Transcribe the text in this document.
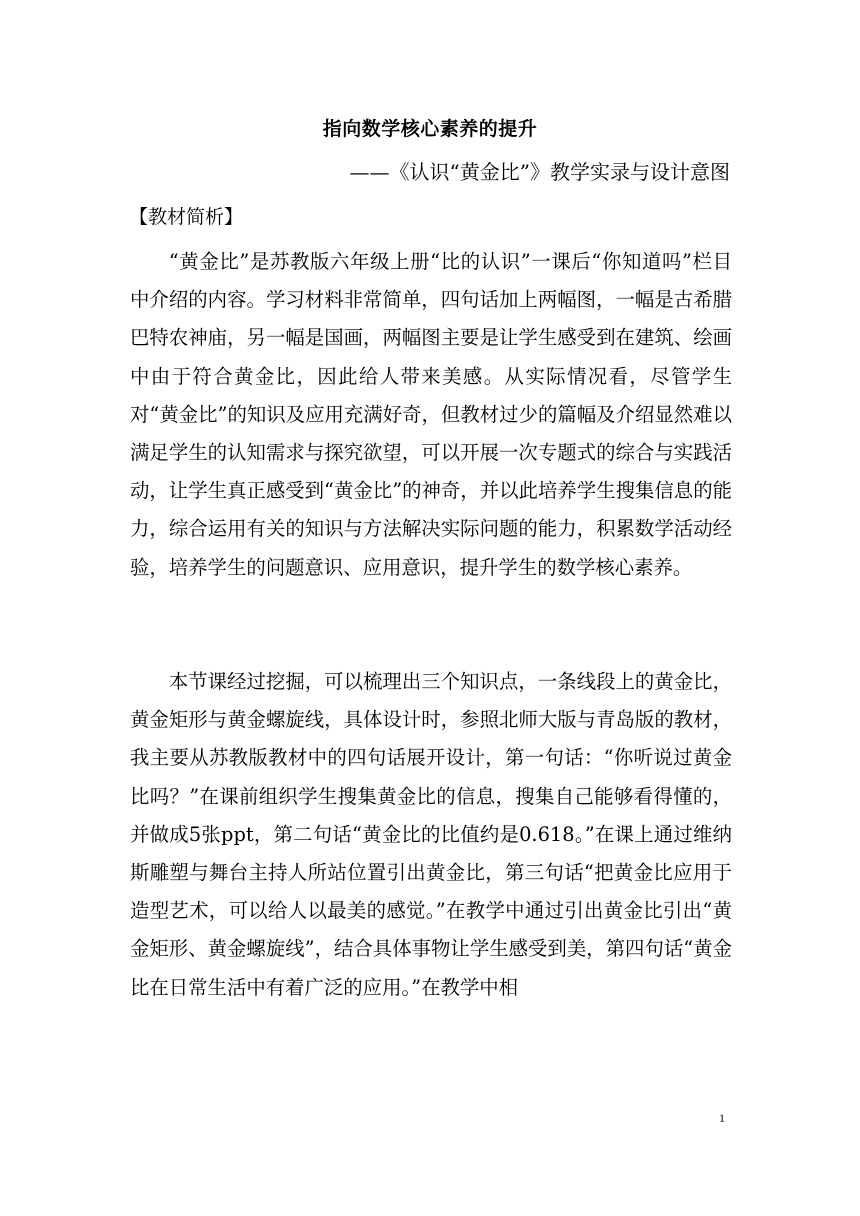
指向数学核心素养的提升
——《认识“黄金比”》教学实录与设计意图
【教材简析】

“黄金比”是苏教版六年级上册“比的认识”一课后“你知道吗”栏目中介绍的内容。学习材料非常简单，四句话加上两幅图，一幅是古希腊巴特农神庙，另一幅是国画，两幅图主要是让学生感受到在建筑、绘画中由于符合黄金比，因此给人带来美感。从实际情况看，尽管学生对“黄金比”的知识及应用充满好奇，但教材过少的篇幅及介绍显然难以满足学生的认知需求与探究欲望，可以开展一次专题式的综合与实践活动，让学生真正感受到“黄金比”的神奇，并以此培养学生搜集信息的能力，综合运用有关的知识与方法解决实际问题的能力，积累数学活动经验，培养学生的问题意识、应用意识，提升学生的数学核心素养。

本节课经过挖掘，可以梳理出三个知识点，一条线段上的黄金比，黄金矩形与黄金螺旋线，具体设计时，参照北师大版与青岛版的教材，我主要从苏教版教材中的四句话展开设计，第一句话：“你听说过黄金比吗？”在课前组织学生搜集黄金比的信息，搜集自己能够看得懂的，并做成5张ppt，第二句话“黄金比的比值约是0.618。”在课上通过维纳斯雕塑与舞台主持人所站位置引出黄金比，第三句话“把黄金比应用于造型艺术，可以给人以最美的感觉。”在教学中通过引出黄金比引出“黄金矩形、黄金螺旋线”，结合具体事物让学生感受到美，第四句话“黄金比在日常生活中有着广泛的应用。”在教学中相

1
